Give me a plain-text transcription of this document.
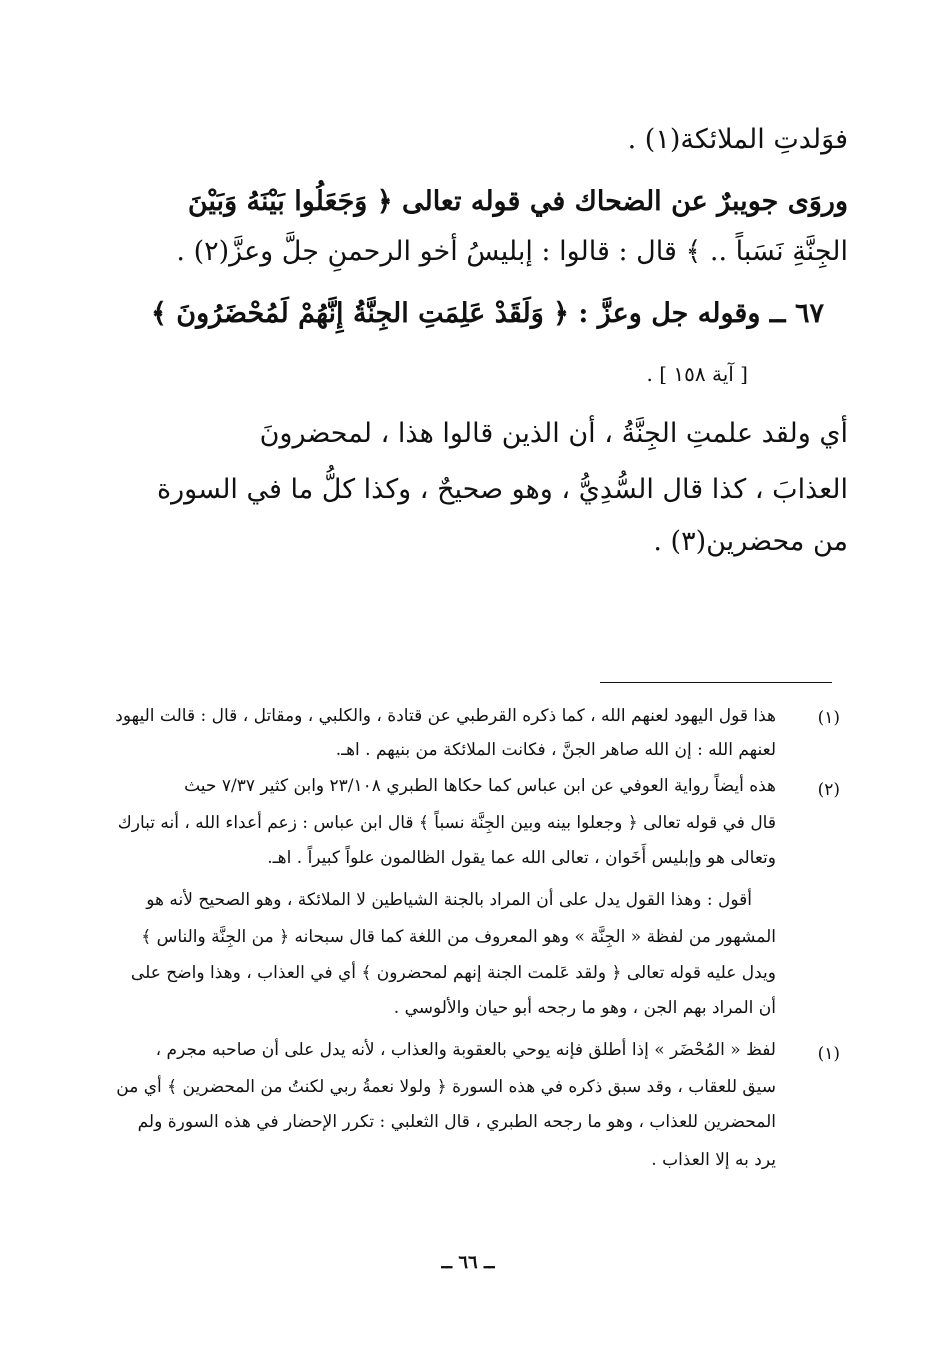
فوَلدتِ الملائكة(١) .

وروَى جويبرٌ عن الضحاك في قوله تعالى ﴿ وَجَعَلُوا بَيْنَهُ وَبَيْنَ

الجِنَّةِ نَسَباً .. ﴾ قال : قالوا : إبليسُ أخو الرحمنِ جلَّ وعزَّ(٢) .

٦٧ ــ وقوله جل وعزَّ : ﴿ وَلَقَدْ عَلِمَتِ الجِنَّةُ إِنَّهُمْ لَمُحْضَرُونَ ﴾

[ آية ١٥٨ ] .

أي ولقد علمتِ الجِنَّةُ ، أن الذين قالوا هذا ، لمحضرونَ

العذابَ ، كذا قال السُّدِيُّ ، وهو صحيحٌ ، وكذا كلُّ ما في السورة

من محضرين(٣) .

(١)

هذا قول اليهود لعنهم الله ، كما ذكره القرطبي عن قتادة ، والكلبي ، ومقاتل ، قال : قالت اليهود

لعنهم الله : إن الله صاهر الجنَّ ، فكانت الملائكة من بنيهم . اهـ.

(٢)

هذه أيضاً رواية العوفي عن ابن عباس كما حكاها الطبري ٢٣/١٠٨ وابن كثير ٧/٣٧ حيث

قال في قوله تعالى ﴿ وجعلوا بينه وبين الجِنَّة نسباً ﴾ قال ابن عباس : زعم أعداء الله ، أنه تبارك

وتعالى هو وإبليس أَخَوان ، تعالى الله عما يقول الظالمون علواً كبيراً . اهـ.

أقول : وهذا القول يدل على أن المراد بالجنة الشياطين لا الملائكة ، وهو الصحيح لأنه هو

المشهور من لفظة « الجِنَّة » وهو المعروف من اللغة كما قال سبحانه ﴿ من الجِنَّة والناس ﴾

ويدل عليه قوله تعالى ﴿ ولقد عَلمت الجنة إنهم لمحضرون ﴾ أي في العذاب ، وهذا واضح على

أن المراد بهم الجن ، وهو ما رجحه أبو حيان والألوسي .

(١)

لفظ « المُحْضَر » إذا أطلق فإنه يوحي بالعقوبة والعذاب ، لأنه يدل على أن صاحبه مجرم ،

سيق للعقاب ، وقد سبق ذكره في هذه السورة ﴿ ولولا نعمةُ ربي لكنتُ من المحضرين ﴾ أي من

المحضرين للعذاب ، وهو ما رجحه الطبري ، قال الثعلبي : تكرر الإحضار في هذه السورة ولم

يرد به إلا العذاب .

ــ ٦٦ ــ
